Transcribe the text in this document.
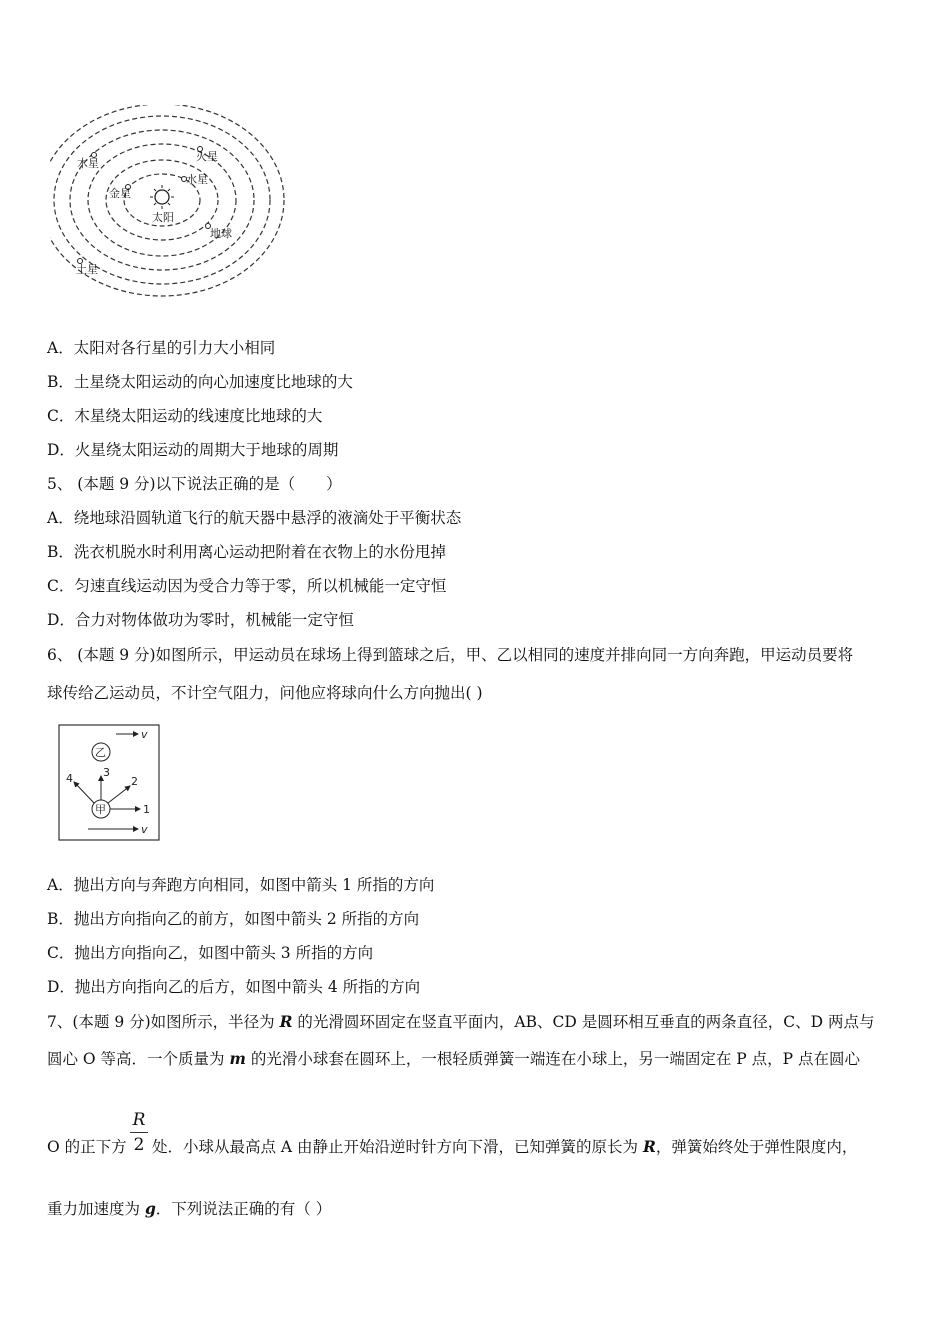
木星
火星
水星
金星
太阳
地球
土星
A．太阳对各行星的引力大小相同
B．土星绕太阳运动的向心加速度比地球的大
C．木星绕太阳运动的线速度比地球的大
D．火星绕太阳运动的周期大于地球的周期
5、 (本题 9 分)以下说法正确的是（　　）
A．绕地球沿圆轨道飞行的航天器中悬浮的液滴处于平衡状态
B．洗衣机脱水时利用离心运动把附着在衣物上的水份甩掉
C．匀速直线运动因为受合力等于零，所以机械能一定守恒
D．合力对物体做功为零时，机械能一定守恒
6、 (本题 9 分)如图所示，甲运动员在球场上得到篮球之后，甲、乙以相同的速度并排向同一方向奔跑，甲运动员要将
球传给乙运动员，不计空气阻力，问他应将球向什么方向抛出( )
乙
甲
v
v
1
2
3
4
A．抛出方向与奔跑方向相同，如图中箭头 1 所指的方向
B．抛出方向指向乙的前方，如图中箭头 2 所指的方向
C．抛出方向指向乙，如图中箭头 3 所指的方向
D．抛出方向指向乙的后方，如图中箭头 4 所指的方向
7、(本题 9 分)如图所示，半径为 R 的光滑圆环固定在竖直平面内，AB、CD 是圆环相互垂直的两条直径，C、D 两点与
圆心 O 等高．一个质量为 m 的光滑小球套在圆环上，一根轻质弹簧一端连在小球上，另一端固定在 P 点，P 点在圆心
R
2
O 的正下方 处．小球从最高点 A 由静止开始沿逆时针方向下滑，已知弹簧的原长为 R，弹簧始终处于弹性限度内，
重力加速度为 g．下列说法正确的有（ ）
